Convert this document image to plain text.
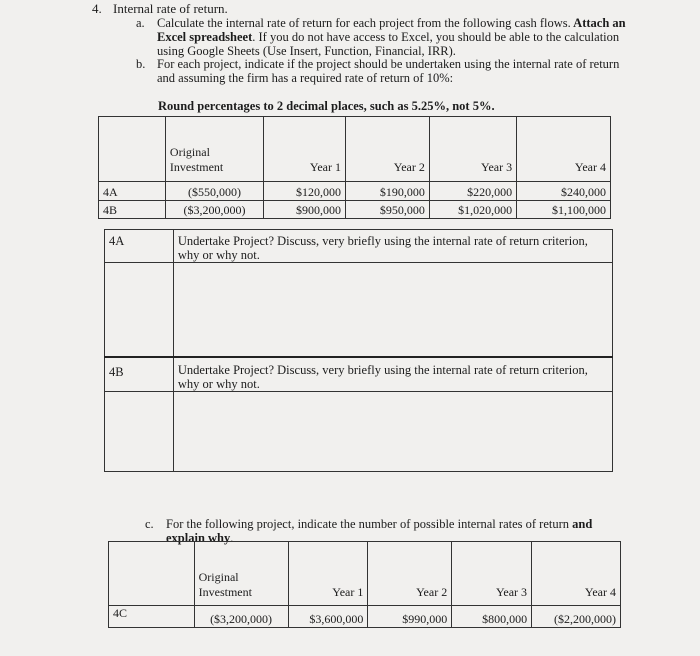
4. Internal rate of return.
a. Calculate the internal rate of return for each project from the following cash flows. Attach an
Excel spreadsheet. If you do not have access to Excel, you should be able to the calculation
using Google Sheets (Use Insert, Function, Financial, IRR).
b. For each project, indicate if the project should be undertaken using the internal rate of return
and assuming the firm has a required rate of return of 10%:
Round percentages to 2 decimal places, such as 5.25%, not 5%.
	Original Investment	Year 1	Year 2	Year 3	Year 4
4A	($550,000)	$120,000	$190,000	$220,000	$240,000
4B	($3,200,000)	$900,000	$950,000	$1,020,000	$1,100,000
4A	Undertake Project? Discuss, very briefly using the internal rate of return criterion, why or why not.

4B	Undertake Project? Discuss, very briefly using the internal rate of return criterion, why or why not.

c. For the following project, indicate the number of possible internal rates of return and explain why.
	Original Investment	Year 1	Year 2	Year 3	Year 4
4C	($3,200,000)	$3,600,000	$990,000	$800,000	($2,200,000)
